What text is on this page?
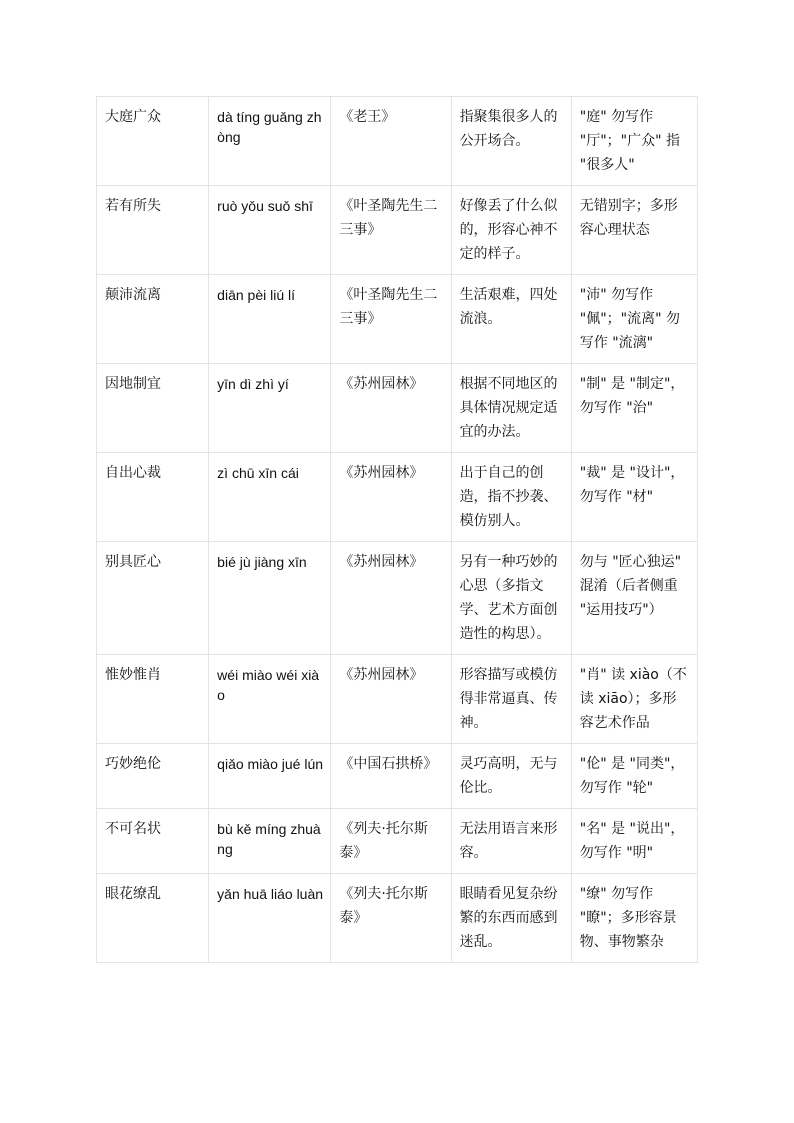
大庭广众	dà tíng guǎng zhòng	《老王》	指聚集很多人的公开场合。	"庭" 勿写作 "厅"；"广众" 指 "很多人"
若有所失	ruò yǒu suǒ shī	《叶圣陶先生二三事》	好像丢了什么似的，形容心神不定的样子。	无错别字；多形容心理状态
颠沛流离	diān pèi liú lí	《叶圣陶先生二三事》	生活艰难，四处流浪。	"沛" 勿写作 "佩"；"流离" 勿写作 "流漓"
因地制宜	yīn dì zhì yí	《苏州园林》	根据不同地区的具体情况规定适宜的办法。	"制" 是 "制定"，勿写作 "治"
自出心裁	zì chū xīn cái	《苏州园林》	出于自己的创造，指不抄袭、模仿别人。	"裁" 是 "设计"，勿写作 "材"
别具匠心	bié jù jiàng xīn	《苏州园林》	另有一种巧妙的心思（多指文学、艺术方面创造性的构思）。	勿与 "匠心独运" 混淆（后者侧重 "运用技巧"）
惟妙惟肖	wéi miào wéi xiào	《苏州园林》	形容描写或模仿得非常逼真、传神。	"肖" 读 xiào（不读 xiāo）；多形容艺术作品
巧妙绝伦	qiǎo miào jué lún	《中国石拱桥》	灵巧高明，无与伦比。	"伦" 是 "同类"，勿写作 "轮"
不可名状	bù kě míng zhuàng	《列夫·托尔斯泰》	无法用语言来形容。	"名" 是 "说出"，勿写作 "明"
眼花缭乱	yǎn huā liáo luàn	《列夫·托尔斯泰》	眼睛看见复杂纷繁的东西而感到迷乱。	"缭" 勿写作 "瞭"；多形容景物、事物繁杂
